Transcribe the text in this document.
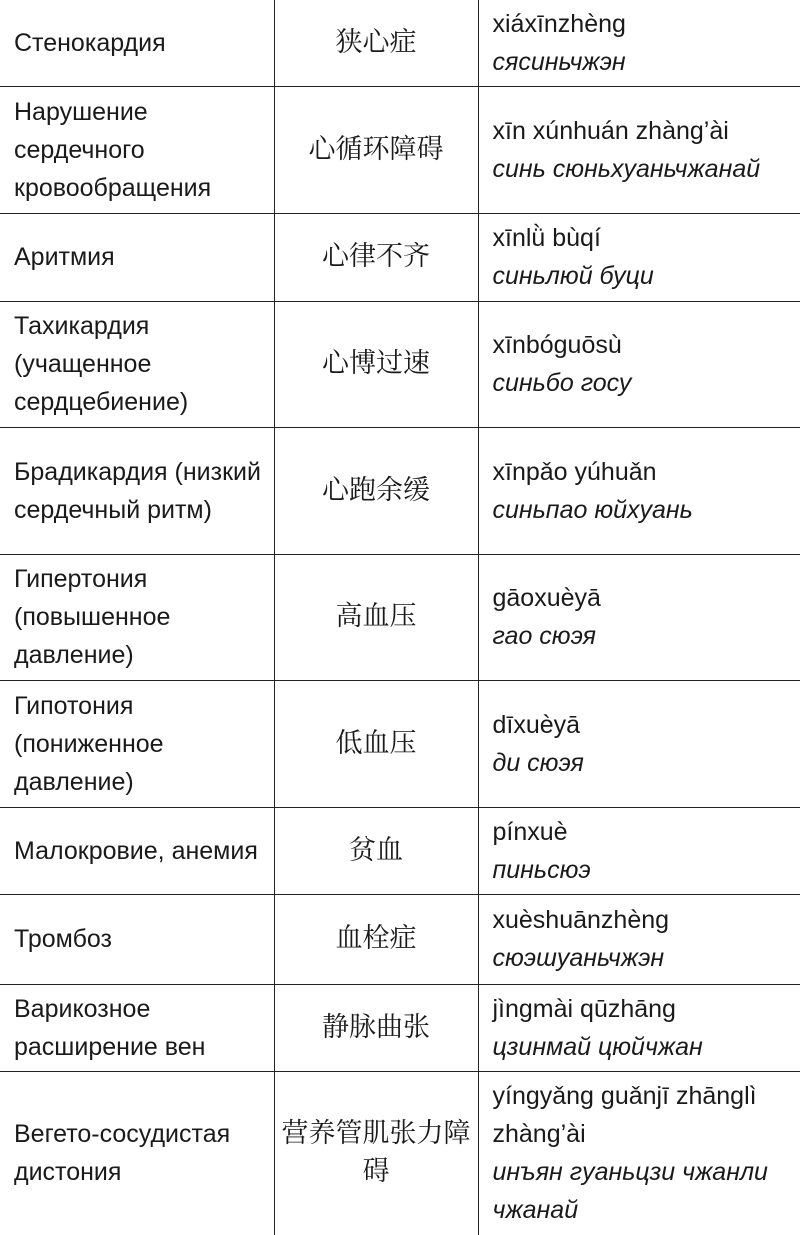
Стенокардия	狭心症	xiáxīnzhèng
сясиньчжэн

Нарушение сердечного кровообращения	心循环障碍	xīn xúnhuán zhàng’ài
синь сюньхуаньчжанай

Аритмия	心律不齐	xīnlǜ bùqí
синьлюй буци

Тахикардия (учащенное сердцебиение)	心博过速	xīnbóguōsù
синьбо госу

Брадикардия (низкий сердечный ритм)	心跑余缓	xīnpǎo yúhuǎn
синьпао юйхуань

Гипертония (повышенное давление)	高血压	gāoxuèyā
гао сюэя

Гипотония (пониженное давление)	低血压	dīxuèyā
ди сюэя

Малокровие, анемия	贫血	pínxuè
пиньсюэ

Тромбоз	血栓症	xuèshuānzhèng
сюэшуаньчжэн

Варикозное расширение вен	静脉曲张	jìngmài qūzhāng
цзинмай цюйчжан

Вегето-сосудистая дистония	营养管肌张力障碍	yíngyǎng guǎnjī zhānglì zhàng’ài
инъян гуаньцзи чжанли чжанай
